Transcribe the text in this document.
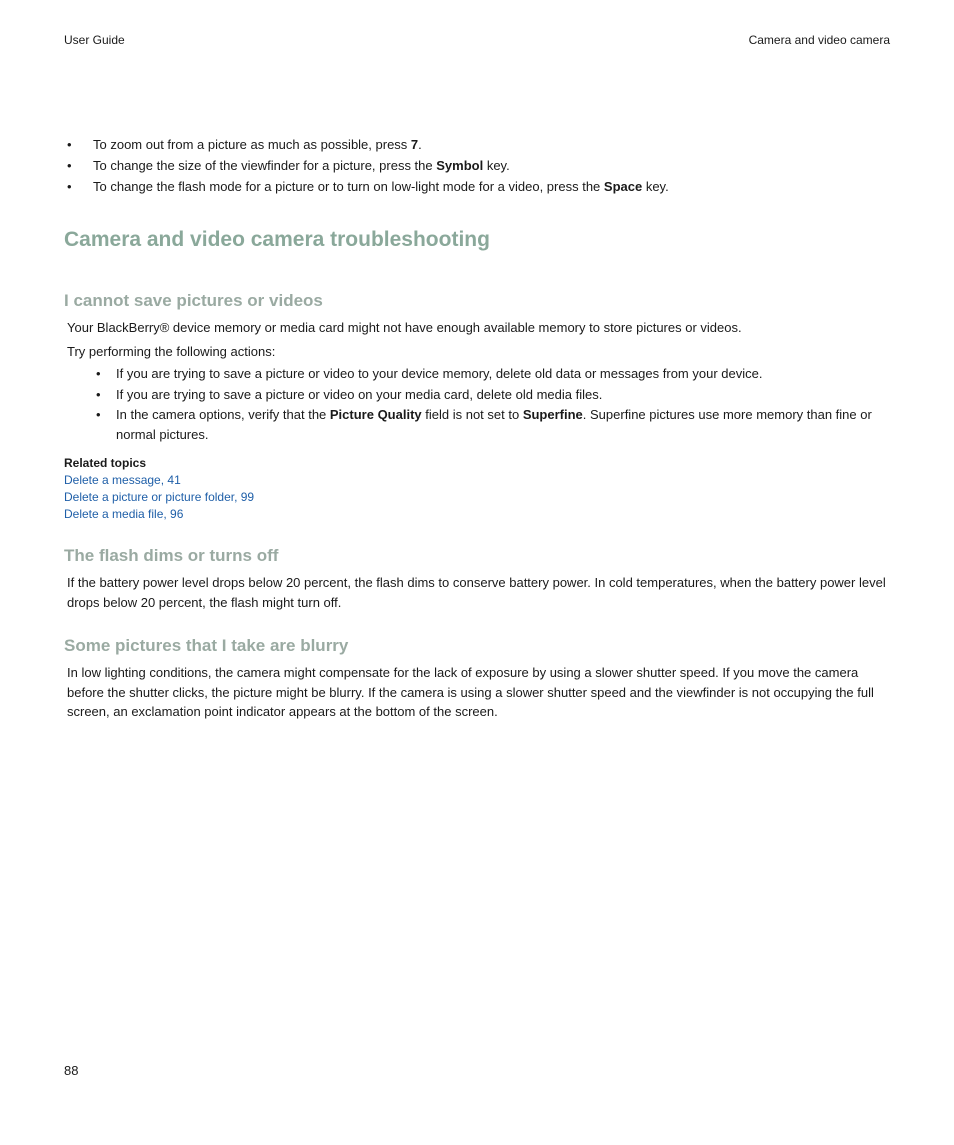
User Guide	Camera and video camera
• To zoom out from a picture as much as possible, press 7.
• To change the size of the viewfinder for a picture, press the Symbol key.
• To change the flash mode for a picture or to turn on low-light mode for a video, press the Space key.
Camera and video camera troubleshooting
I cannot save pictures or videos

Your BlackBerry® device memory or media card might not have enough available memory to store pictures or videos.

Try performing the following actions:

• If you are trying to save a picture or video to your device memory, delete old data or messages from your device.
• If you are trying to save a picture or video on your media card, delete old media files.
• In the camera options, verify that the Picture Quality field is not set to Superfine. Superfine pictures use more memory than fine or normal pictures.
Related topics
Delete a message, 41
Delete a picture or picture folder, 99
Delete a media file, 96
The flash dims or turns off

If the battery power level drops below 20 percent, the flash dims to conserve battery power. In cold temperatures, when the battery power level drops below 20 percent, the flash might turn off.

Some pictures that I take are blurry

In low lighting conditions, the camera might compensate for the lack of exposure by using a slower shutter speed. If you move the camera before the shutter clicks, the picture might be blurry. If the camera is using a slower shutter speed and the viewfinder is not occupying the full screen, an exclamation point indicator appears at the bottom of the screen.

88
